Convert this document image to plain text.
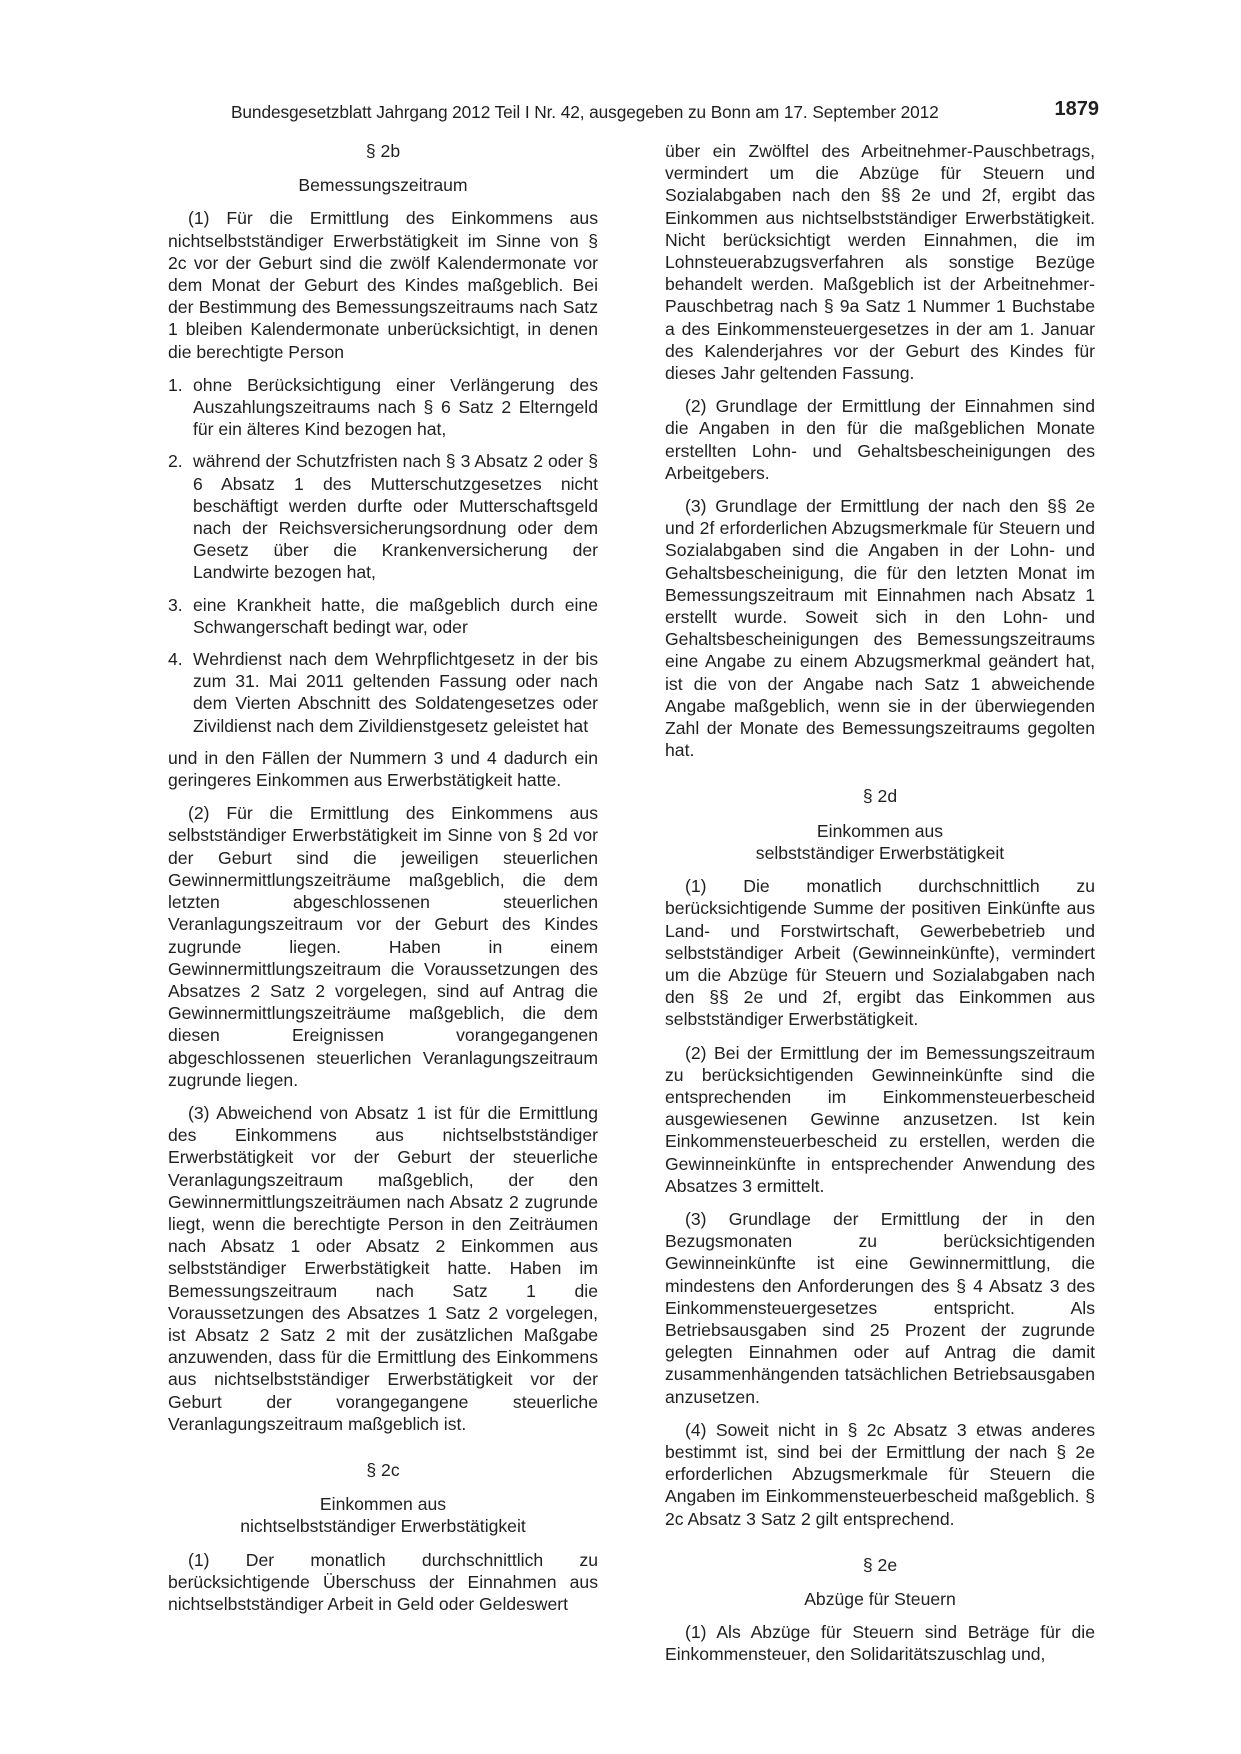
Bundesgesetzblatt Jahrgang 2012 Teil I Nr. 42, ausgegeben zu Bonn am 17. September 2012	1879
§ 2b
Bemessungszeitraum

(1) Für die Ermittlung des Einkommens aus nichtselbstständiger Erwerbstätigkeit im Sinne von § 2c vor der Geburt sind die zwölf Kalendermonate vor dem Monat der Geburt des Kindes maßgeblich. Bei der Bestimmung des Bemessungszeitraums nach Satz 1 bleiben Kalendermonate unberücksichtigt, in denen die berechtigte Person

1. ohne Berücksichtigung einer Verlängerung des Auszahlungszeitraums nach § 6 Satz 2 Elterngeld für ein älteres Kind bezogen hat,
2. während der Schutzfristen nach § 3 Absatz 2 oder § 6 Absatz 1 des Mutterschutzgesetzes nicht beschäftigt werden durfte oder Mutterschaftsgeld nach der Reichsversicherungsordnung oder dem Gesetz über die Krankenversicherung der Landwirte bezogen hat,
3. eine Krankheit hatte, die maßgeblich durch eine Schwangerschaft bedingt war, oder
4. Wehrdienst nach dem Wehrpflichtgesetz in der bis zum 31. Mai 2011 geltenden Fassung oder nach dem Vierten Abschnitt des Soldatengesetzes oder Zivildienst nach dem Zivildienstgesetz geleistet hat

und in den Fällen der Nummern 3 und 4 dadurch ein geringeres Einkommen aus Erwerbstätigkeit hatte.

(2) Für die Ermittlung des Einkommens aus selbstständiger Erwerbstätigkeit im Sinne von § 2d vor der Geburt sind die jeweiligen steuerlichen Gewinnermittlungszeiträume maßgeblich, die dem letzten abgeschlossenen steuerlichen Veranlagungszeitraum vor der Geburt des Kindes zugrunde liegen. Haben in einem Gewinnermittlungszeitraum die Voraussetzungen des Absatzes 2 Satz 2 vorgelegen, sind auf Antrag die Gewinnermittlungszeiträume maßgeblich, die dem diesen Ereignissen vorangegangenen abgeschlossenen steuerlichen Veranlagungszeitraum zugrunde liegen.

(3) Abweichend von Absatz 1 ist für die Ermittlung des Einkommens aus nichtselbstständiger Erwerbstätigkeit vor der Geburt der steuerliche Veranlagungszeitraum maßgeblich, der den Gewinnermittlungszeiträumen nach Absatz 2 zugrunde liegt, wenn die berechtigte Person in den Zeiträumen nach Absatz 1 oder Absatz 2 Einkommen aus selbstständiger Erwerbstätigkeit hatte. Haben im Bemessungszeitraum nach Satz 1 die Voraussetzungen des Absatzes 1 Satz 2 vorgelegen, ist Absatz 2 Satz 2 mit der zusätzlichen Maßgabe anzuwenden, dass für die Ermittlung des Einkommens aus nichtselbstständiger Erwerbstätigkeit vor der Geburt der vorangegangene steuerliche Veranlagungszeitraum maßgeblich ist.

§ 2c
Einkommen aus
nichtselbstständiger Erwerbstätigkeit

(1) Der monatlich durchschnittlich zu berücksichtigende Überschuss der Einnahmen aus nichtselbstständiger Arbeit in Geld oder Geldeswert

über ein Zwölftel des Arbeitnehmer-Pauschbetrags, vermindert um die Abzüge für Steuern und Sozialabgaben nach den §§ 2e und 2f, ergibt das Einkommen aus nichtselbstständiger Erwerbstätigkeit. Nicht berücksichtigt werden Einnahmen, die im Lohnsteuerabzugsverfahren als sonstige Bezüge behandelt werden. Maßgeblich ist der Arbeitnehmer-Pauschbetrag nach § 9a Satz 1 Nummer 1 Buchstabe a des Einkommensteuergesetzes in der am 1. Januar des Kalenderjahres vor der Geburt des Kindes für dieses Jahr geltenden Fassung.

(2) Grundlage der Ermittlung der Einnahmen sind die Angaben in den für die maßgeblichen Monate erstellten Lohn- und Gehaltsbescheinigungen des Arbeitgebers.

(3) Grundlage der Ermittlung der nach den §§ 2e und 2f erforderlichen Abzugsmerkmale für Steuern und Sozialabgaben sind die Angaben in der Lohn- und Gehaltsbescheinigung, die für den letzten Monat im Bemessungszeitraum mit Einnahmen nach Absatz 1 erstellt wurde. Soweit sich in den Lohn- und Gehaltsbescheinigungen des Bemessungszeitraums eine Angabe zu einem Abzugsmerkmal geändert hat, ist die von der Angabe nach Satz 1 abweichende Angabe maßgeblich, wenn sie in der überwiegenden Zahl der Monate des Bemessungszeitraums gegolten hat.

§ 2d
Einkommen aus
selbstständiger Erwerbstätigkeit

(1) Die monatlich durchschnittlich zu berücksichtigende Summe der positiven Einkünfte aus Land- und Forstwirtschaft, Gewerbebetrieb und selbstständiger Arbeit (Gewinneinkünfte), vermindert um die Abzüge für Steuern und Sozialabgaben nach den §§ 2e und 2f, ergibt das Einkommen aus selbstständiger Erwerbstätigkeit.

(2) Bei der Ermittlung der im Bemessungszeitraum zu berücksichtigenden Gewinneinkünfte sind die entsprechenden im Einkommensteuerbescheid ausgewiesenen Gewinne anzusetzen. Ist kein Einkommensteuerbescheid zu erstellen, werden die Gewinneinkünfte in entsprechender Anwendung des Absatzes 3 ermittelt.

(3) Grundlage der Ermittlung der in den Bezugsmonaten zu berücksichtigenden Gewinneinkünfte ist eine Gewinnermittlung, die mindestens den Anforderungen des § 4 Absatz 3 des Einkommensteuergesetzes entspricht. Als Betriebsausgaben sind 25 Prozent der zugrunde gelegten Einnahmen oder auf Antrag die damit zusammenhängenden tatsächlichen Betriebsausgaben anzusetzen.

(4) Soweit nicht in § 2c Absatz 3 etwas anderes bestimmt ist, sind bei der Ermittlung der nach § 2e erforderlichen Abzugsmerkmale für Steuern die Angaben im Einkommensteuerbescheid maßgeblich. § 2c Absatz 3 Satz 2 gilt entsprechend.

§ 2e
Abzüge für Steuern

(1) Als Abzüge für Steuern sind Beträge für die Einkommensteuer, den Solidaritätszuschlag und,
